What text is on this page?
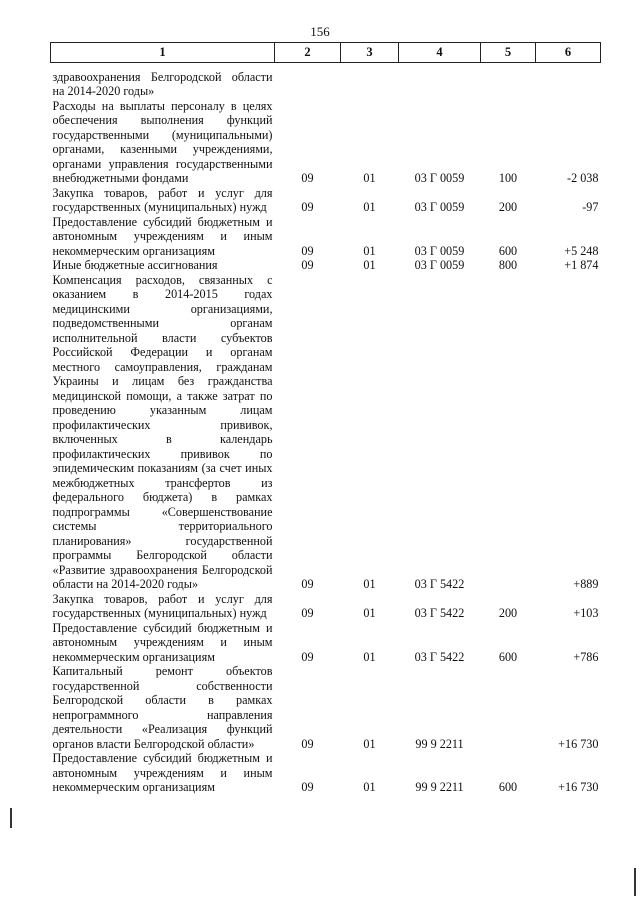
156
1	2	3	4	5	6
здравоохранения Белгородской области на 2014-2020 годы»					
Расходы на выплаты персоналу в целях обеспечения выполнения функций государственными (муниципальными) органами, казенными учреждениями, органами управления государственными внебюджетными фондами	09	01	03 Г 0059	100	-2 038
Закупка товаров, работ и услуг для государственных (муниципальных) нужд	09	01	03 Г 0059	200	-97
Предоставление субсидий бюджетным и автономным учреждениям и иным некоммерческим организациям	09	01	03 Г 0059	600	+5 248
Иные бюджетные ассигнования	09	01	03 Г 0059	800	+1 874
Компенсация расходов, связанных с оказанием в 2014-2015 годах медицинскими организациями, подведомственными органам исполнительной власти субъектов Российской Федерации и органам местного самоуправления, гражданам Украины и лицам без гражданства медицинской помощи, а также затрат по проведению указанным лицам профилактических прививок, включенных в календарь профилактических прививок по эпидемическим показаниям (за счет иных межбюджетных трансфертов из федерального бюджета) в рамках подпрограммы «Совершенствование системы территориального планирования» государственной программы Белгородской области «Развитие здравоохранения Белгородской области на 2014-2020 годы»	09	01	03 Г 5422		+889
Закупка товаров, работ и услуг для государственных (муниципальных) нужд	09	01	03 Г 5422	200	+103
Предоставление субсидий бюджетным и автономным учреждениям и иным некоммерческим организациям	09	01	03 Г 5422	600	+786
Капитальный ремонт объектов государственной собственности Белгородской области в рамках непрограммного направления деятельности «Реализация функций органов власти Белгородской области»	09	01	99 9 2211		+16 730
Предоставление субсидий бюджетным и автономным учреждениям и иным некоммерческим организациям	09	01	99 9 2211	600	+16 730
